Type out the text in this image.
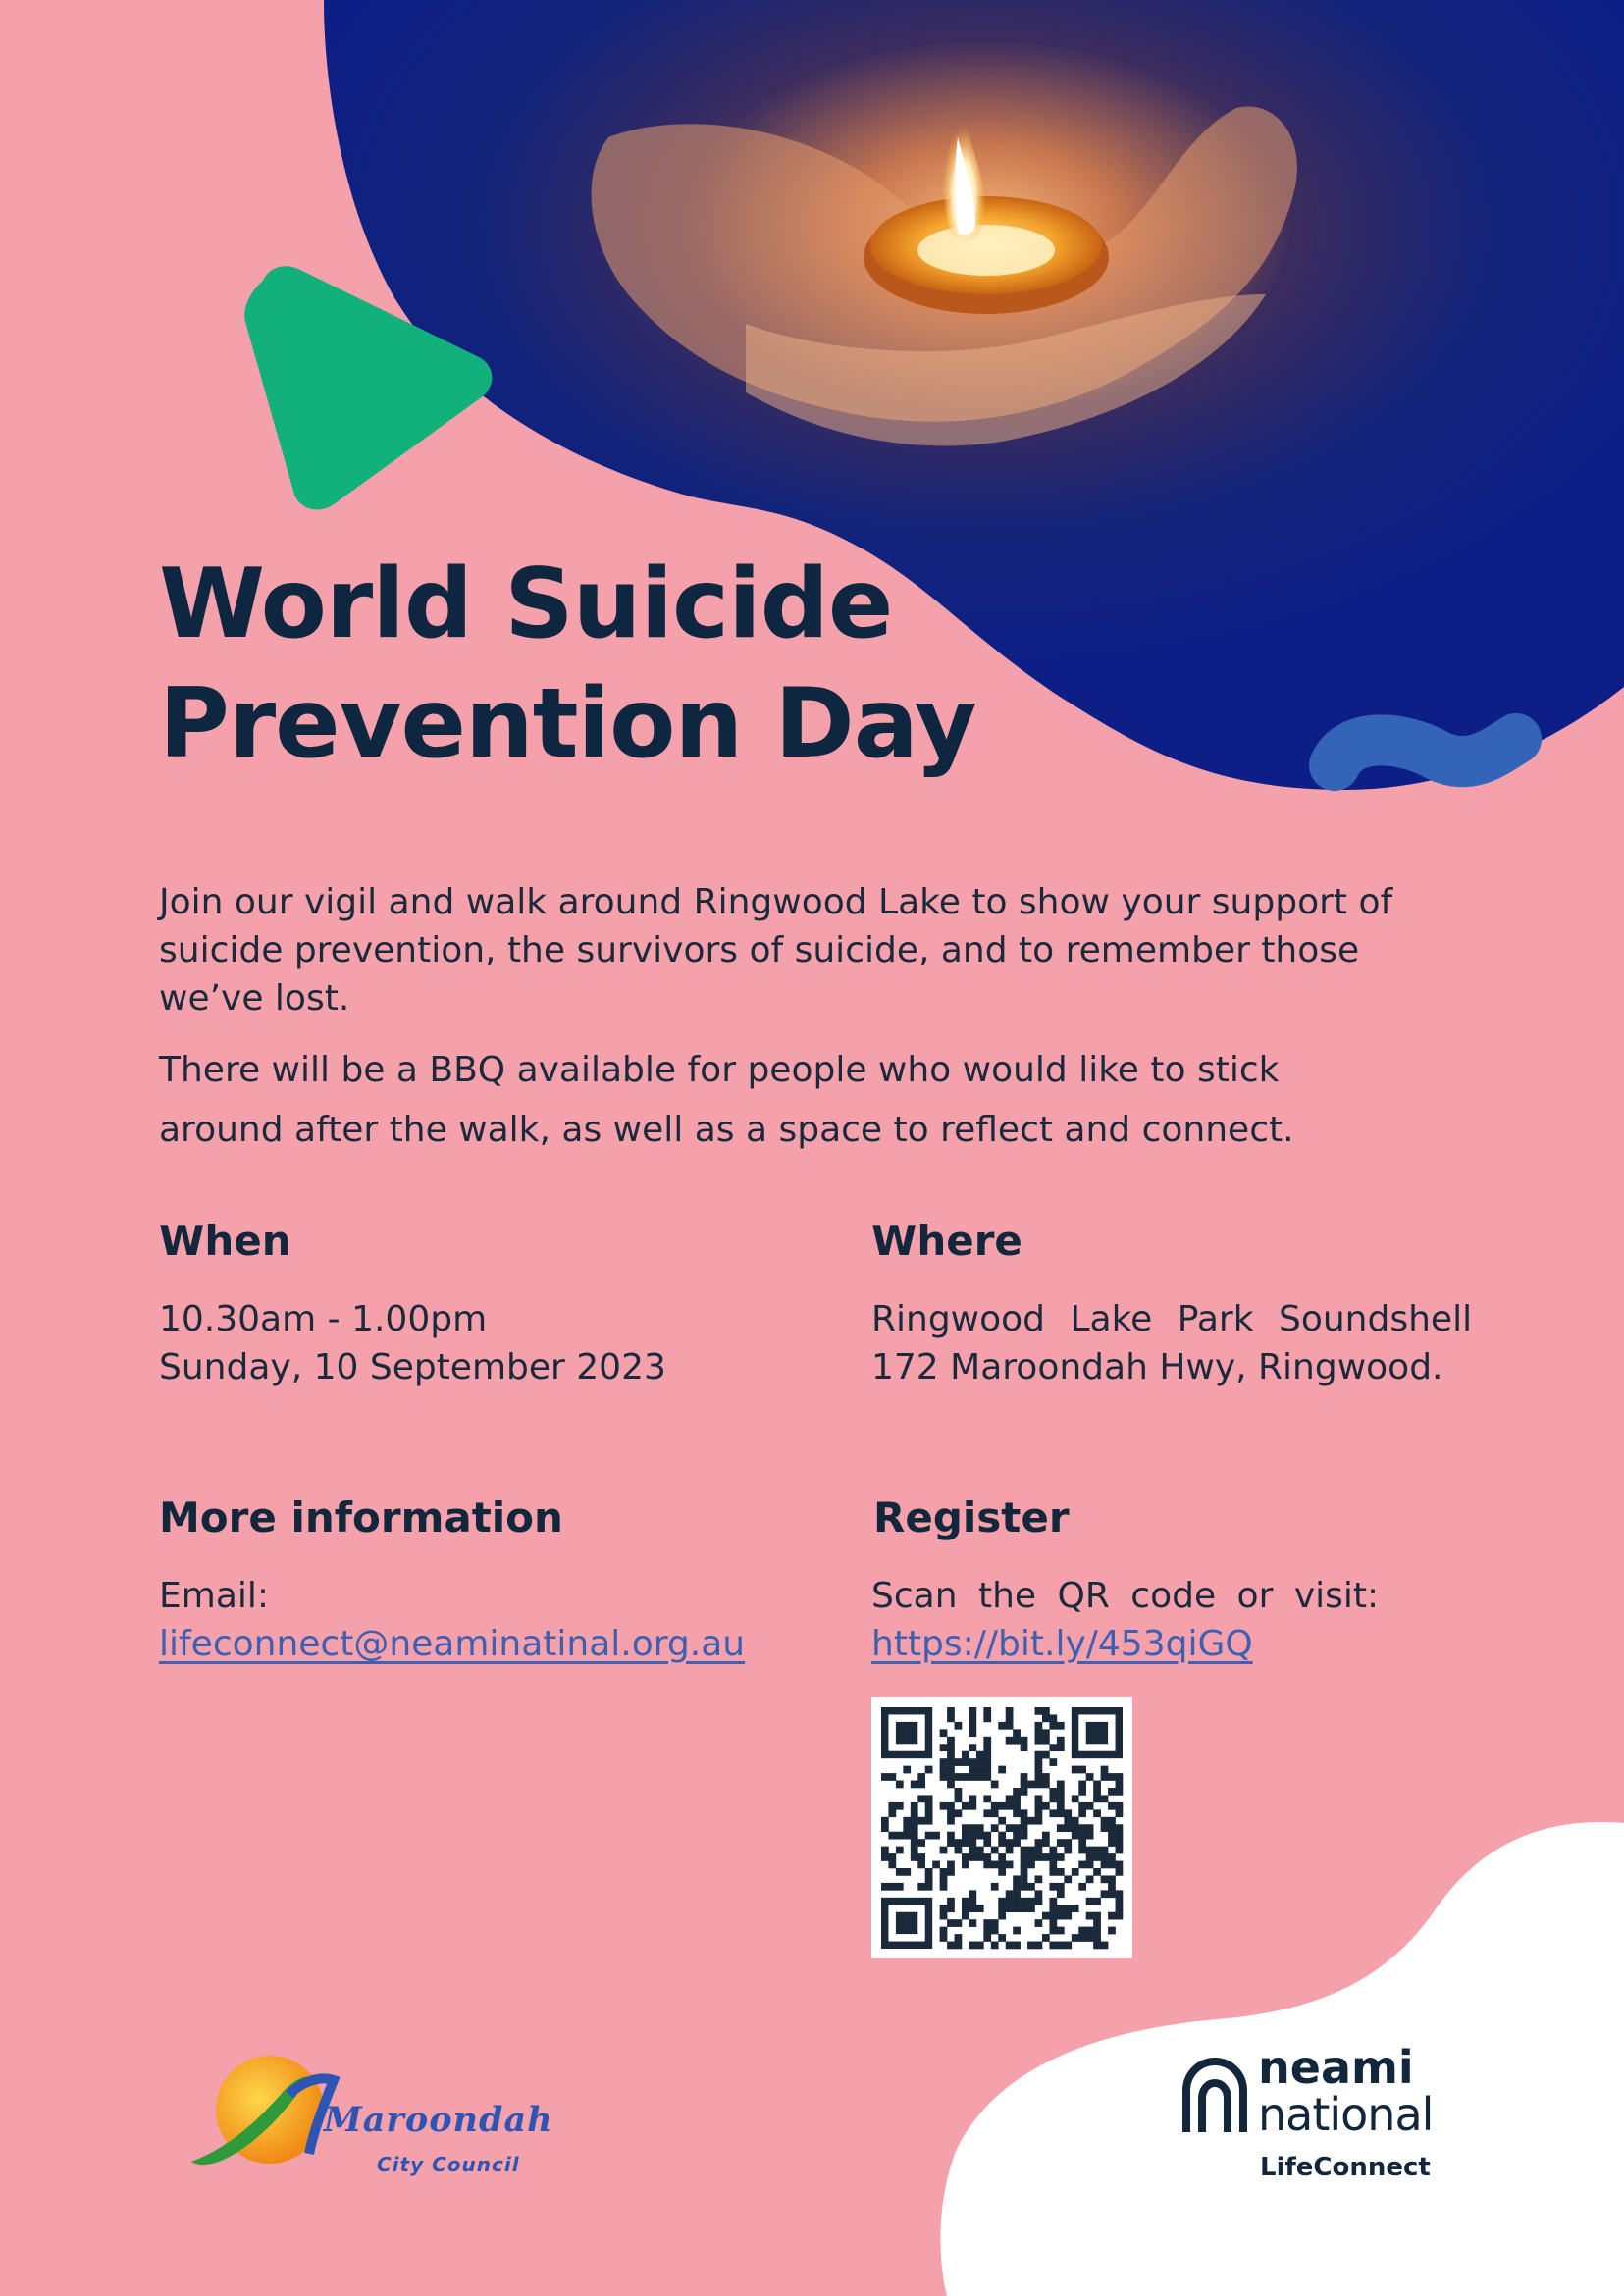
World Suicide
Prevention Day

Join our vigil and walk around Ringwood Lake to show your support of suicide prevention, the survivors of suicide, and to remember those we’ve lost.

There will be a BBQ available for people who would like to stick around after the walk, as well as a space to reflect and connect.

When

10.30am - 1.00pm
Sunday, 10 September 2023

Where

Ringwood Lake Park Soundshell
172 Maroondah Hwy, Ringwood.

More information
Email:
lifeconnect@neaminatinal.org.au
Register
Scan the QR code or visit:
https://bit.ly/453qiGQ

Maroondah

City Council

neami

national

LifeConnect
